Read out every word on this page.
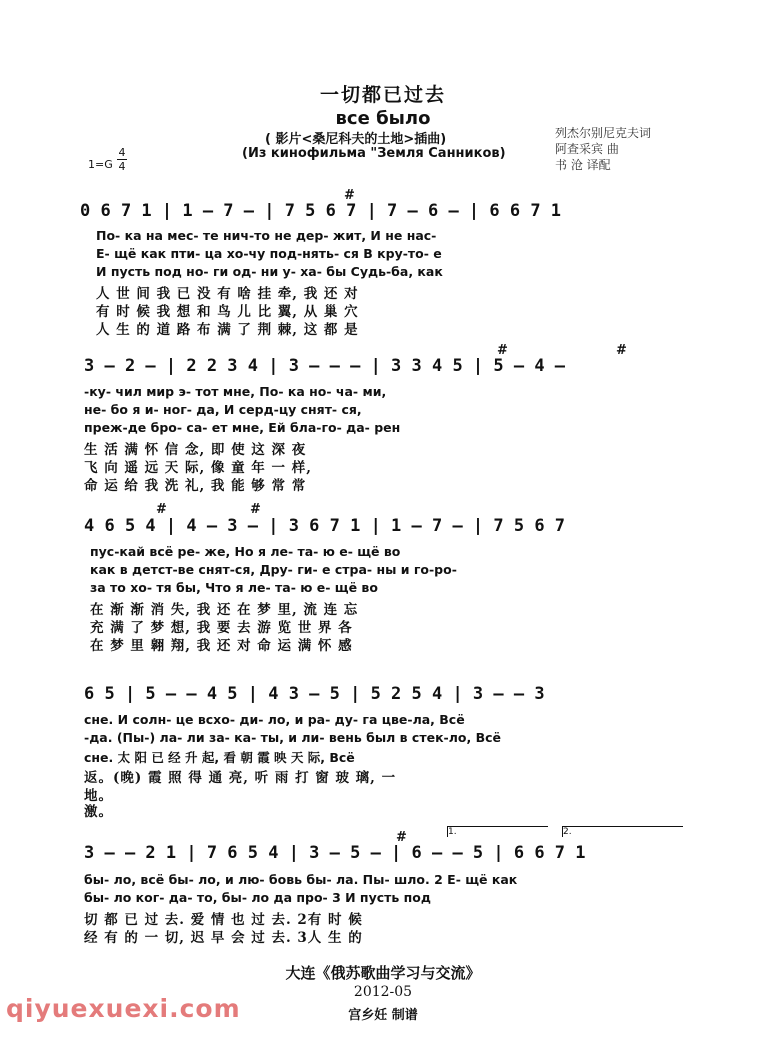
一切都已过去
все было
( 影片<桑尼科夫的土地>插曲)
(Из кинофильма "Земля Санников)
列杰尔别尼克夫词
阿查采宾 曲
书 沧 译配
1=G
4
4
0 6 7 1 | 1 – 7 – | 7 5 6 7 | 7 – 6 – | 6 6 7 1
#
По- ка на мес- те нич-то не дер- жит, И не нас-
Е- щё как пти- ца хо-чу под-нять- ся В кру-то- е
И пусть под но- ги од- ни у- ха- бы Судь-ба, как
人 世 间 我 已 没 有 啥 挂 牵, 我 还 对
有 时 候 我 想 和 鸟 儿 比 翼, 从 巢 穴
人 生 的 道 路 布 满 了 荆 棘, 这 都 是
3 – 2 – | 2 2 3 4 | 3 – – – | 3 3 4 5 | 5 – 4 –
#	#
-ку- чил мир э- тот мне, По- ка но- ча- ми,
не- бо я и- ног- да, И серд-цу снят- ся,
преж-де бро- са- ет мне, Ей бла-го- да- рен
生 活 满 怀 信 念, 即 使 这 深 夜
飞 向 遥 远 天 际, 像 童 年 一 样,
命 运 给 我 洗 礼, 我 能 够 常 常
4 6 5 4 | 4 – 3 – | 3 6 7 1 | 1 – 7 – | 7 5 6 7
#	#
пус-кай всё ре- же, Но я ле- та- ю е- щё во
как в детст-ве снят-ся, Дру- ги- е стра- ны и го-ро-
за то хо- тя бы, Что я ле- та- ю е- щё во
在 渐 渐 消 失, 我 还 在 梦 里, 流 连 忘
充 满 了 梦 想, 我 要 去 游 览 世 界 各
在 梦 里 翱 翔, 我 还 对 命 运 满 怀 感
6 5 | 5 – – 4 5 | 4 3 – 5 | 5 2 5 4 | 3 – – 3
сне. И солн- це всхо- ди- ло, и ра- ду- га цве-ла, Всё
-да. (Пы-) ла- ли за- ка- ты, и ли- вень был в стек-ло, Всё
сне. 太 阳 已 经 升 起, 看 朝 霞 映 天 际, Всё
返。(晚) 霞 照 得 通 亮, 听 雨 打 窗 玻 璃, 一
地。
激。
1.	2.
3 – – 2 1 | 7 6 5 4 | 3 – 5 – | 6 – – 5 | 6 6 7 1
#
бы- ло, всё бы- ло, и лю- бовь бы- ла. Пы- шло. 2 Е- щё как
бы- ло ког- да- то, бы- ло да про- 3 И пусть под
切 都 已 过 去. 爱 情 也 过 去. 2有 时 候
经 有 的 一 切, 迟 早 会 过 去. 3人 生 的
大连《俄苏歌曲学习与交流》
2012-05
宫乡妊 制谱
qiyuexuexi.com
